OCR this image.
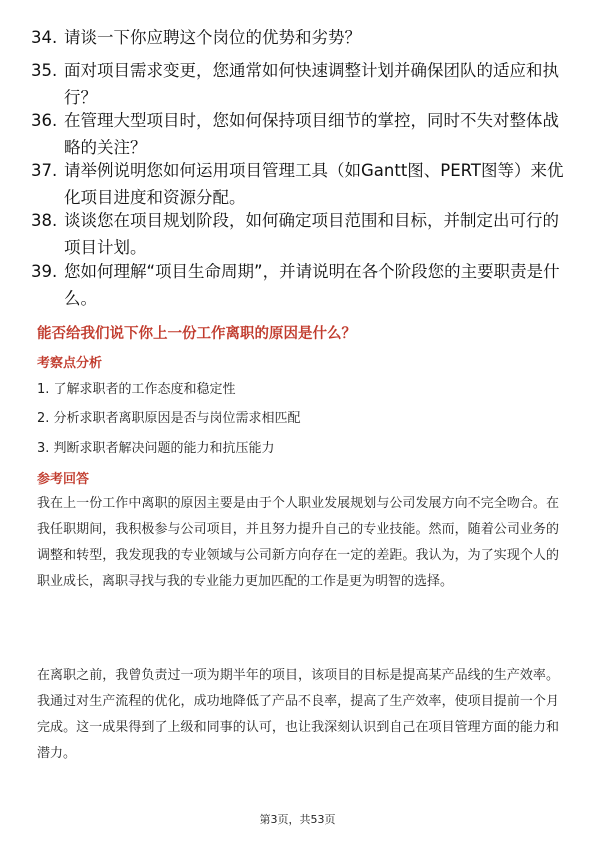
34. 请谈一下你应聘这个岗位的优势和劣势？
35. 面对项目需求变更，您通常如何快速调整计划并确保团队的适应和执行？
36. 在管理大型项目时，您如何保持项目细节的掌控，同时不失对整体战略的关注？
37. 请举例说明您如何运用项目管理工具（如Gantt图、PERT图等）来优化项目进度和资源分配。
38. 谈谈您在项目规划阶段，如何确定项目范围和目标，并制定出可行的项目计划。
39. 您如何理解“项目生命周期”，并请说明在各个阶段您的主要职责是什么。
能否给我们说下你上一份工作离职的原因是什么？
考察点分析
1. 了解求职者的工作态度和稳定性
2. 分析求职者离职原因是否与岗位需求相匹配
3. 判断求职者解决问题的能力和抗压能力
参考回答
我在上一份工作中离职的原因主要是由于个人职业发展规划与公司发展方向不完全吻合。在我任职期间，我积极参与公司项目，并且努力提升自己的专业技能。然而，随着公司业务的调整和转型，我发现我的专业领域与公司新方向存在一定的差距。我认为，为了实现个人的职业成长，离职寻找与我的专业能力更加匹配的工作是更为明智的选择。
在离职之前，我曾负责过一项为期半年的项目，该项目的目标是提高某产品线的生产效率。我通过对生产流程的优化，成功地降低了产品不良率，提高了生产效率，使项目提前一个月完成。这一成果得到了上级和同事的认可，也让我深刻认识到自己在项目管理方面的能力和潜力。
第3页，共53页
